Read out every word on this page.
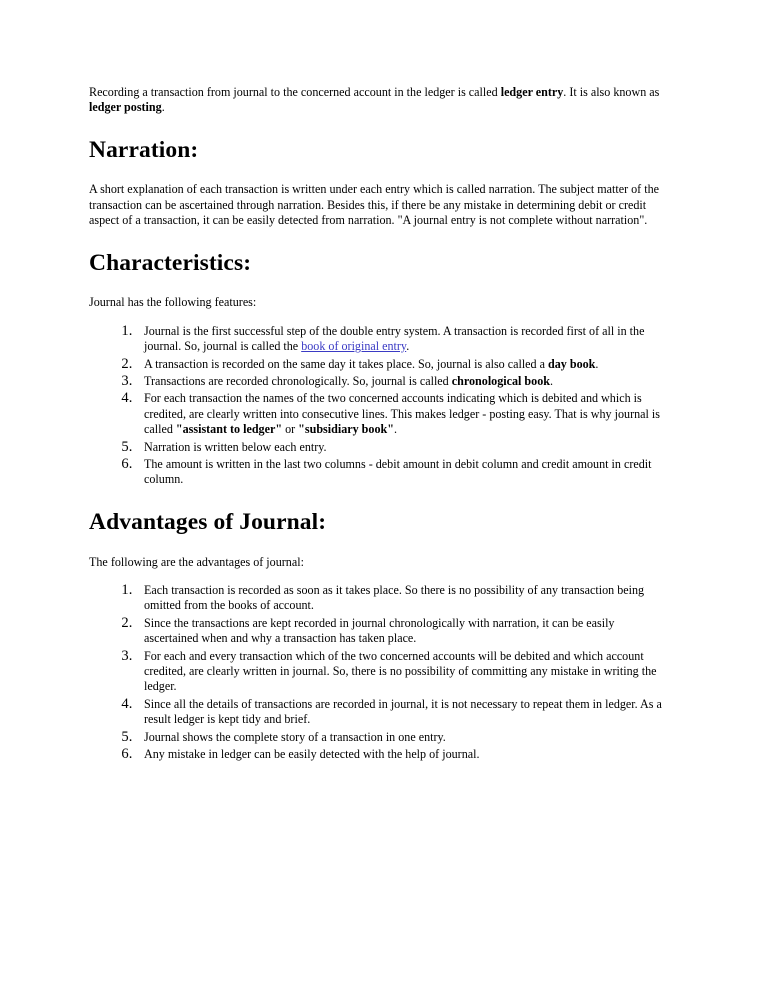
Recording a transaction from journal to the concerned account in the ledger is called ledger entry. It is also known as ledger posting.

Narration:

A short explanation of each transaction is written under each entry which is called narration. The subject matter of the transaction can be ascertained through narration. Besides this, if there be any mistake in determining debit or credit aspect of a transaction, it can be easily detected from narration. "A journal entry is not complete without narration".

Characteristics:

Journal has the following features:

1. Journal is the first successful step of the double entry system. A transaction is recorded first of all in the journal. So, journal is called the book of original entry.
2. A transaction is recorded on the same day it takes place. So, journal is also called a day book.
3. Transactions are recorded chronologically. So, journal is called chronological book.
4. For each transaction the names of the two concerned accounts indicating which is debited and which is credited, are clearly written into consecutive lines. This makes ledger - posting easy. That is why journal is called "assistant to ledger" or "subsidiary book".
5. Narration is written below each entry.
6. The amount is written in the last two columns - debit amount in debit column and credit amount in credit column.
Advantages of Journal:

The following are the advantages of journal:

1. Each transaction is recorded as soon as it takes place. So there is no possibility of any transaction being omitted from the books of account.
2. Since the transactions are kept recorded in journal chronologically with narration, it can be easily ascertained when and why a transaction has taken place.
3. For each and every transaction which of the two concerned accounts will be debited and which account credited, are clearly written in journal. So, there is no possibility of committing any mistake in writing the ledger.
4. Since all the details of transactions are recorded in journal, it is not necessary to repeat them in ledger. As a result ledger is kept tidy and brief.
5. Journal shows the complete story of a transaction in one entry.
6. Any mistake in ledger can be easily detected with the help of journal.
